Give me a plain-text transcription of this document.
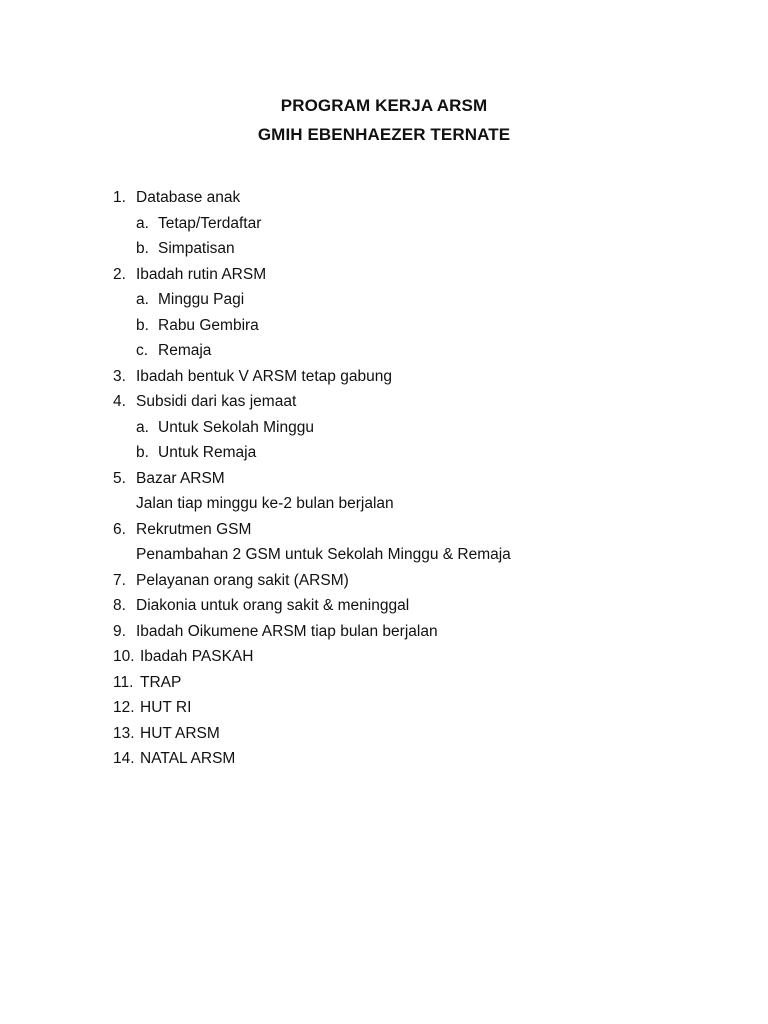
PROGRAM KERJA ARSM
GMIH EBENHAEZER TERNATE
1. Database anak
a. Tetap/Terdaftar
b. Simpatisan
2. Ibadah rutin ARSM
a. Minggu Pagi
b. Rabu Gembira
c. Remaja
3. Ibadah bentuk V ARSM tetap gabung
4. Subsidi dari kas jemaat
a. Untuk Sekolah Minggu
b. Untuk Remaja
5. Bazar ARSM
Jalan tiap minggu ke-2 bulan berjalan
6. Rekrutmen GSM
Penambahan 2 GSM untuk Sekolah Minggu & Remaja
7. Pelayanan orang sakit (ARSM)
8. Diakonia untuk orang sakit & meninggal
9. Ibadah Oikumene ARSM tiap bulan berjalan
10. Ibadah PASKAH
11. TRAP
12. HUT RI
13. HUT ARSM
14. NATAL ARSM
